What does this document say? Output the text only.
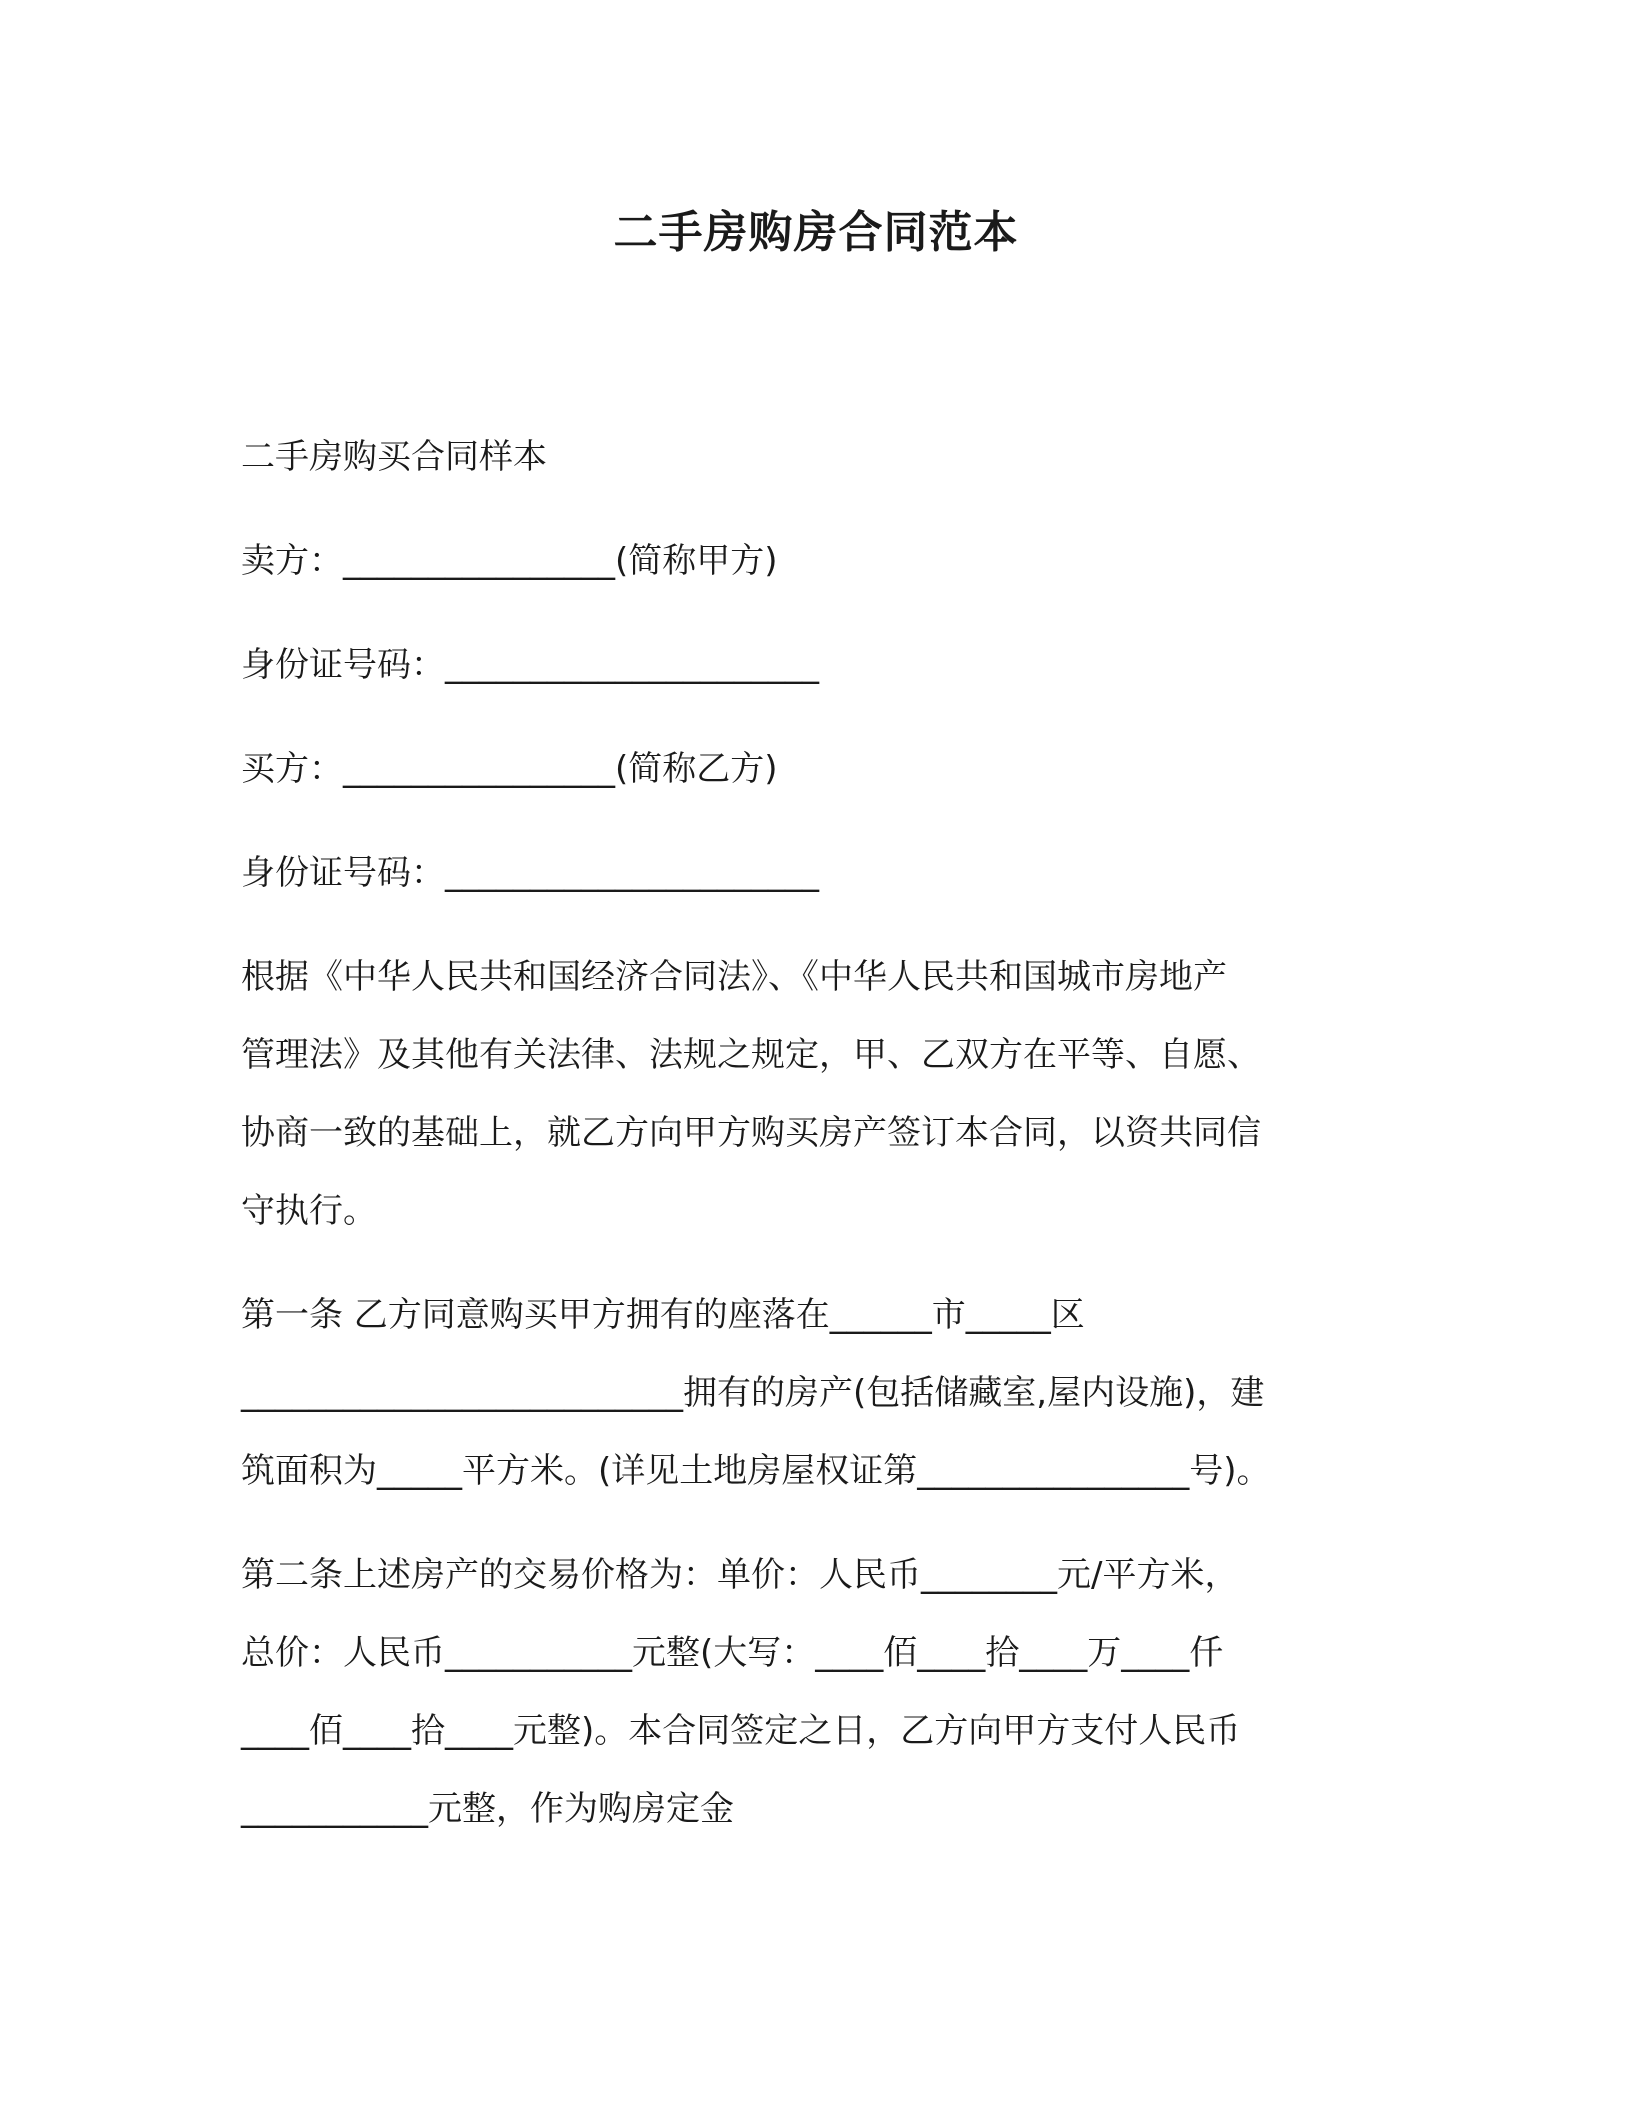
二手房购房合同范本

二手房购买合同样本

卖方：________________(简称甲方)

身份证号码：______________________

买方：________________(简称乙方)

身份证号码：______________________

根据《中华人民共和国经济合同法》、《中华人民共和国城市房地产
管理法》及其他有关法律、法规之规定，甲、乙双方在平等、自愿、
协商一致的基础上，就乙方向甲方购买房产签订本合同，以资共同信
守执行。

第一条 乙方同意购买甲方拥有的座落在______市_____区
__________________________拥有的房产(包括储藏室,屋内设施)，建
筑面积为_____平方米。(详见土地房屋权证第________________号)。

第二条上述房产的交易价格为：单价：人民币________元/平方米，
总价：人民币___________元整(大写：____佰____拾____万____仟
____佰____拾____元整)。本合同签定之日，乙方向甲方支付人民币
___________元整，作为购房定金
